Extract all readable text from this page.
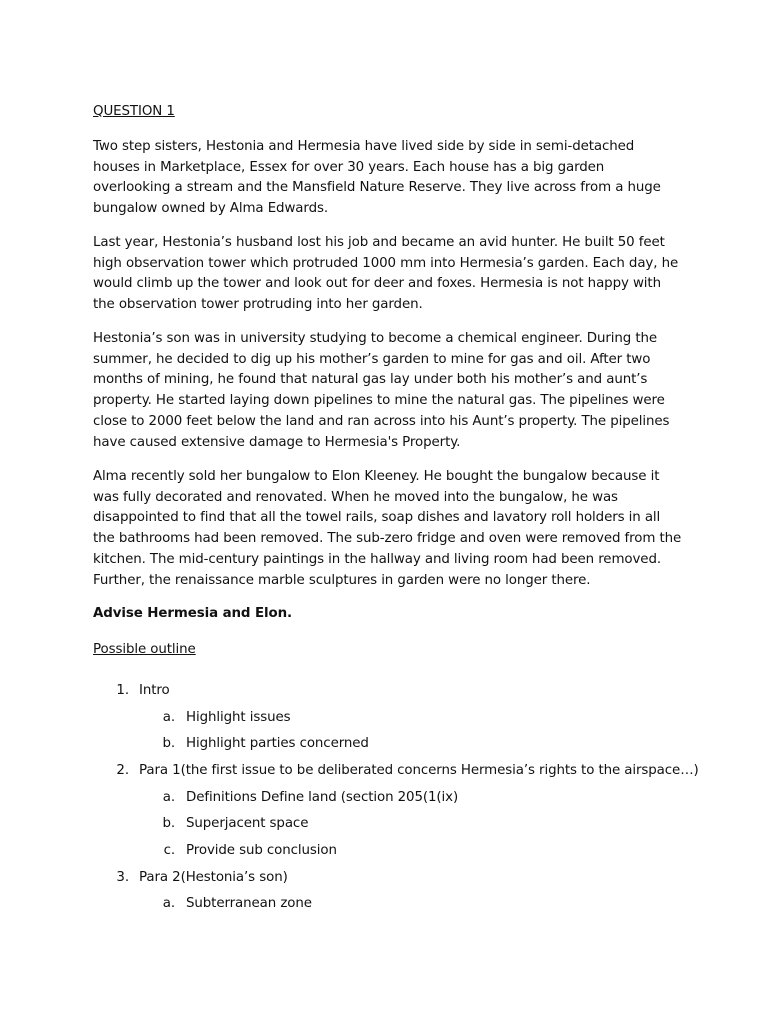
QUESTION 1

Two step sisters, Hestonia and Hermesia have lived side by side in semi-detached houses in Marketplace, Essex for over 30 years. Each house has a big garden overlooking a stream and the Mansfield Nature Reserve. They live across from a huge bungalow owned by Alma Edwards.

Last year, Hestonia’s husband lost his job and became an avid hunter. He built 50 feet high observation tower which protruded 1000 mm into Hermesia’s garden. Each day, he would climb up the tower and look out for deer and foxes. Hermesia is not happy with the observation tower protruding into her garden.

Hestonia’s son was in university studying to become a chemical engineer. During the summer, he decided to dig up his mother’s garden to mine for gas and oil. After two months of mining, he found that natural gas lay under both his mother’s and aunt’s property. He started laying down pipelines to mine the natural gas. The pipelines were close to 2000 feet below the land and ran across into his Aunt’s property. The pipelines have caused extensive damage to Hermesia's Property.

Alma recently sold her bungalow to Elon Kleeney. He bought the bungalow because it was fully decorated and renovated. When he moved into the bungalow, he was disappointed to find that all the towel rails, soap dishes and lavatory roll holders in all the bathrooms had been removed. The sub-zero fridge and oven were removed from the kitchen. The mid-century paintings in the hallway and living room had been removed. Further, the renaissance marble sculptures in garden were no longer there.

Advise Hermesia and Elon.

Possible outline

1. Intro
a. Highlight issues
b. Highlight parties concerned
2. Para 1(the first issue to be deliberated concerns Hermesia’s rights to the airspace…)
a. Definitions Define land (section 205(1(ix)
b. Superjacent space
c. Provide sub conclusion
3. Para 2(Hestonia’s son)
a. Subterranean zone
